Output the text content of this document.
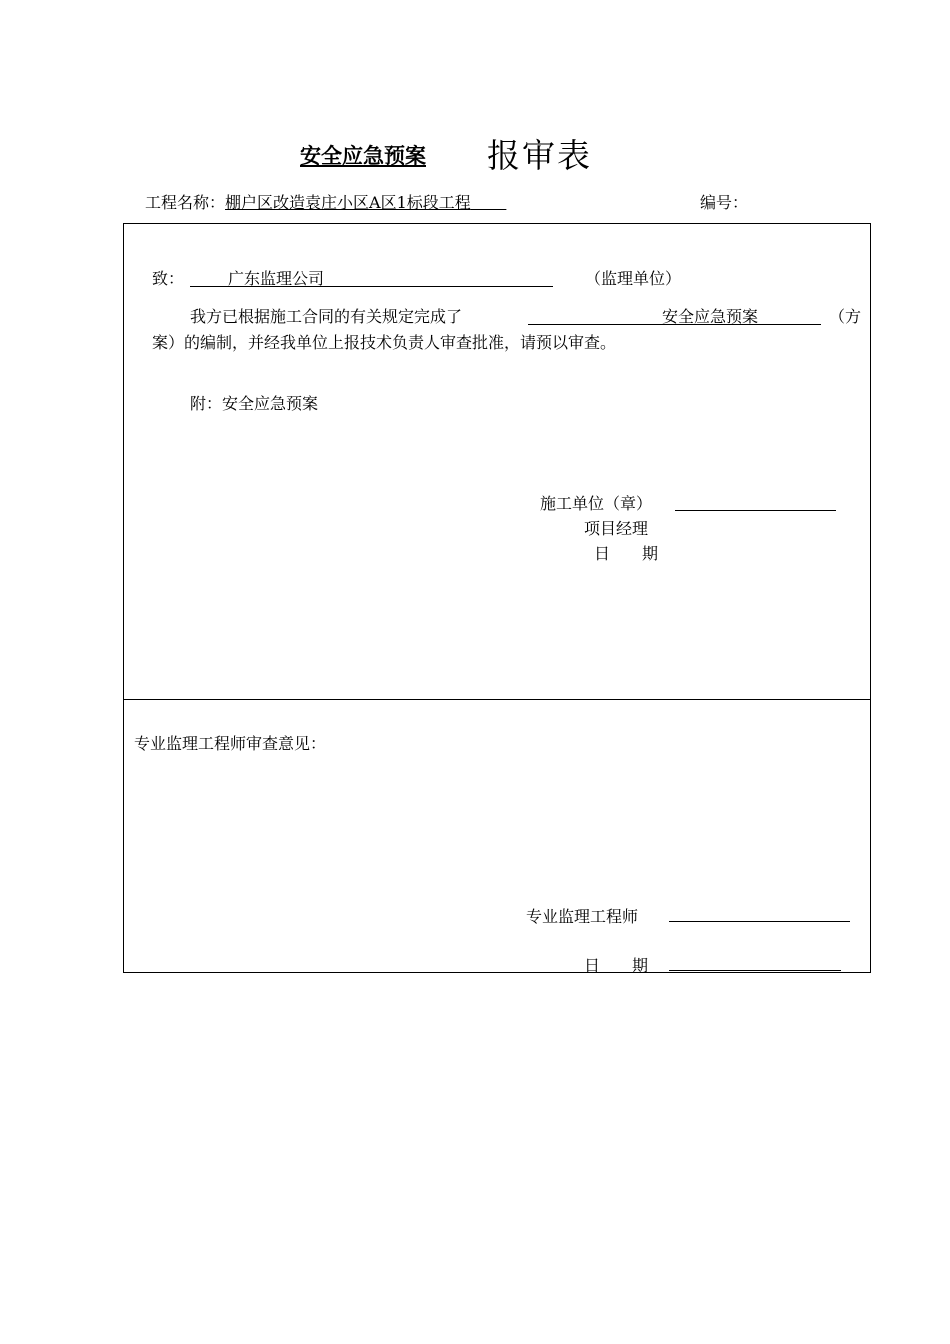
安全应急预案 报审表
工程名称：棚户区改造袁庄小区A区1标段工程	编号：
致：	广东监理公司	（监理单位）
我方已根据施工合同的有关规定完成了	安全应急预案	（方
案）的编制，并经我单位上报技术负责人审查批准，请预以审查。
附：安全应急预案
施工单位（章）
项目经理
日　　期
专业监理工程师审查意见：
专业监理工程师
日　　期
